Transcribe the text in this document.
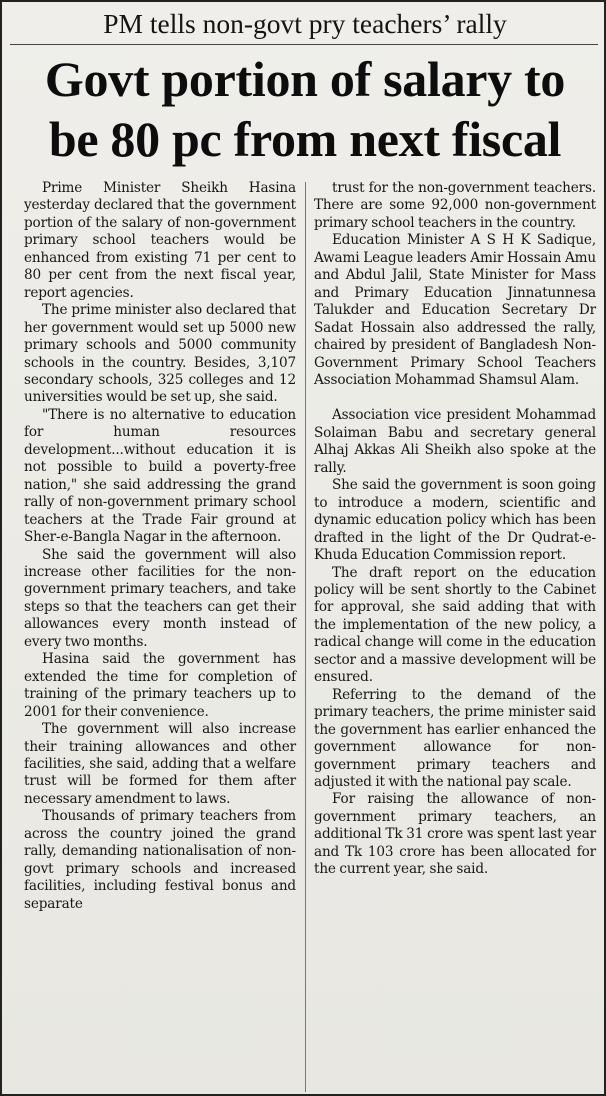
PM tells non-govt pry teachers’ rally
Govt portion of salary to
be 80 pc from next fiscal

Prime Minister Sheikh Hasina yesterday declared that the government portion of the salary of non-government primary school teachers would be enhanced from existing 71 per cent to 80 per cent from the next fiscal year, report agencies.

The prime minister also declared that her government would set up 5000 new primary schools and 5000 community schools in the country. Besides, 3,107 secondary schools, 325 colleges and 12 universities would be set up, she said.

"There is no alternative to education for human resources development...without education it is not possible to build a poverty-free nation," she said addressing the grand rally of non-government primary school teachers at the Trade Fair ground at Sher-e-Bangla Nagar in the afternoon.

She said the government will also increase other facilities for the non-government primary teachers, and take steps so that the teachers can get their allowances every month instead of every two months.

Hasina said the government has extended the time for completion of training of the primary teachers up to 2001 for their convenience.

The government will also increase their training allowances and other facilities, she said, adding that a welfare trust will be formed for them after necessary amendment to laws.

Thousands of primary teachers from across the country joined the grand rally, demanding nationalisation of non-govt primary schools and increased facilities, including festival bonus and separate

trust for the non-government teachers. There are some 92,000 non-government primary school teachers in the country.

Education Minister A S H K Sadique, Awami League leaders Amir Hossain Amu and Abdul Jalil, State Minister for Mass and Primary Education Jinnatunnesa Talukder and Education Secretary Dr Sadat Hossain also addressed the rally, chaired by president of Bangladesh Non-Government Primary School Teachers Association Mohammad Shamsul Alam.

Association vice president Mohammad Solaiman Babu and secretary general Alhaj Akkas Ali Sheikh also spoke at the rally.

She said the government is soon going to introduce a modern, scientific and dynamic education policy which has been drafted in the light of the Dr Qudrat-e-Khuda Education Commission report.

The draft report on the education policy will be sent shortly to the Cabinet for approval, she said adding that with the implementation of the new policy, a radical change will come in the education sector and a massive development will be ensured.

Referring to the demand of the primary teachers, the prime minister said the government has earlier enhanced the government allowance for non-government primary teachers and adjusted it with the national pay scale.

For raising the allowance of non-government primary teachers, an additional Tk 31 crore was spent last year and Tk 103 crore has been allocated for the current year, she said.
